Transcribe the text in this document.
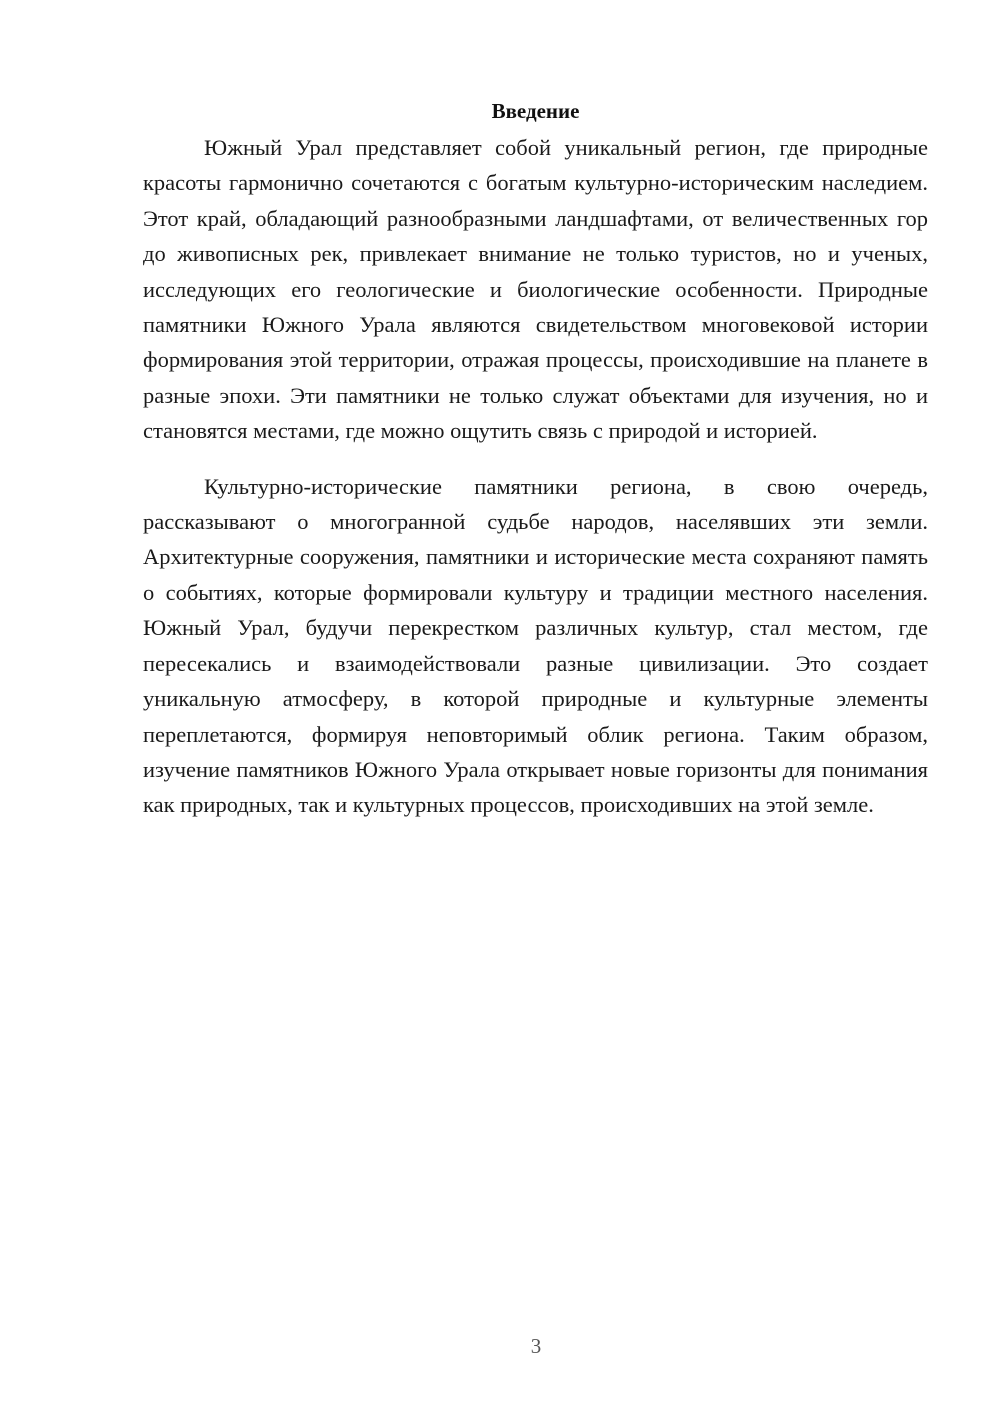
Введение

Южный Урал представляет собой уникальный регион, где природные красоты гармонично сочетаются с богатым культурно-историческим наследием. Этот край, обладающий разнообразными ландшафтами, от величественных гор до живописных рек, привлекает внимание не только туристов, но и ученых, исследующих его геологические и биологические особенности. Природные памятники Южного Урала являются свидетельством многовековой истории формирования этой территории, отражая процессы, происходившие на планете в разные эпохи. Эти памятники не только служат объектами для изучения, но и становятся местами, где можно ощутить связь с природой и историей.

Культурно-исторические памятники региона, в свою очередь, рассказывают о многогранной судьбе народов, населявших эти земли. Архитектурные сооружения, памятники и исторические места сохраняют память о событиях, которые формировали культуру и традиции местного населения. Южный Урал, будучи перекрестком различных культур, стал местом, где пересекались и взаимодействовали разные цивилизации. Это создает уникальную атмосферу, в которой природные и культурные элементы переплетаются, формируя неповторимый облик региона. Таким образом, изучение памятников Южного Урала открывает новые горизонты для понимания как природных, так и культурных процессов, происходивших на этой земле.

3
